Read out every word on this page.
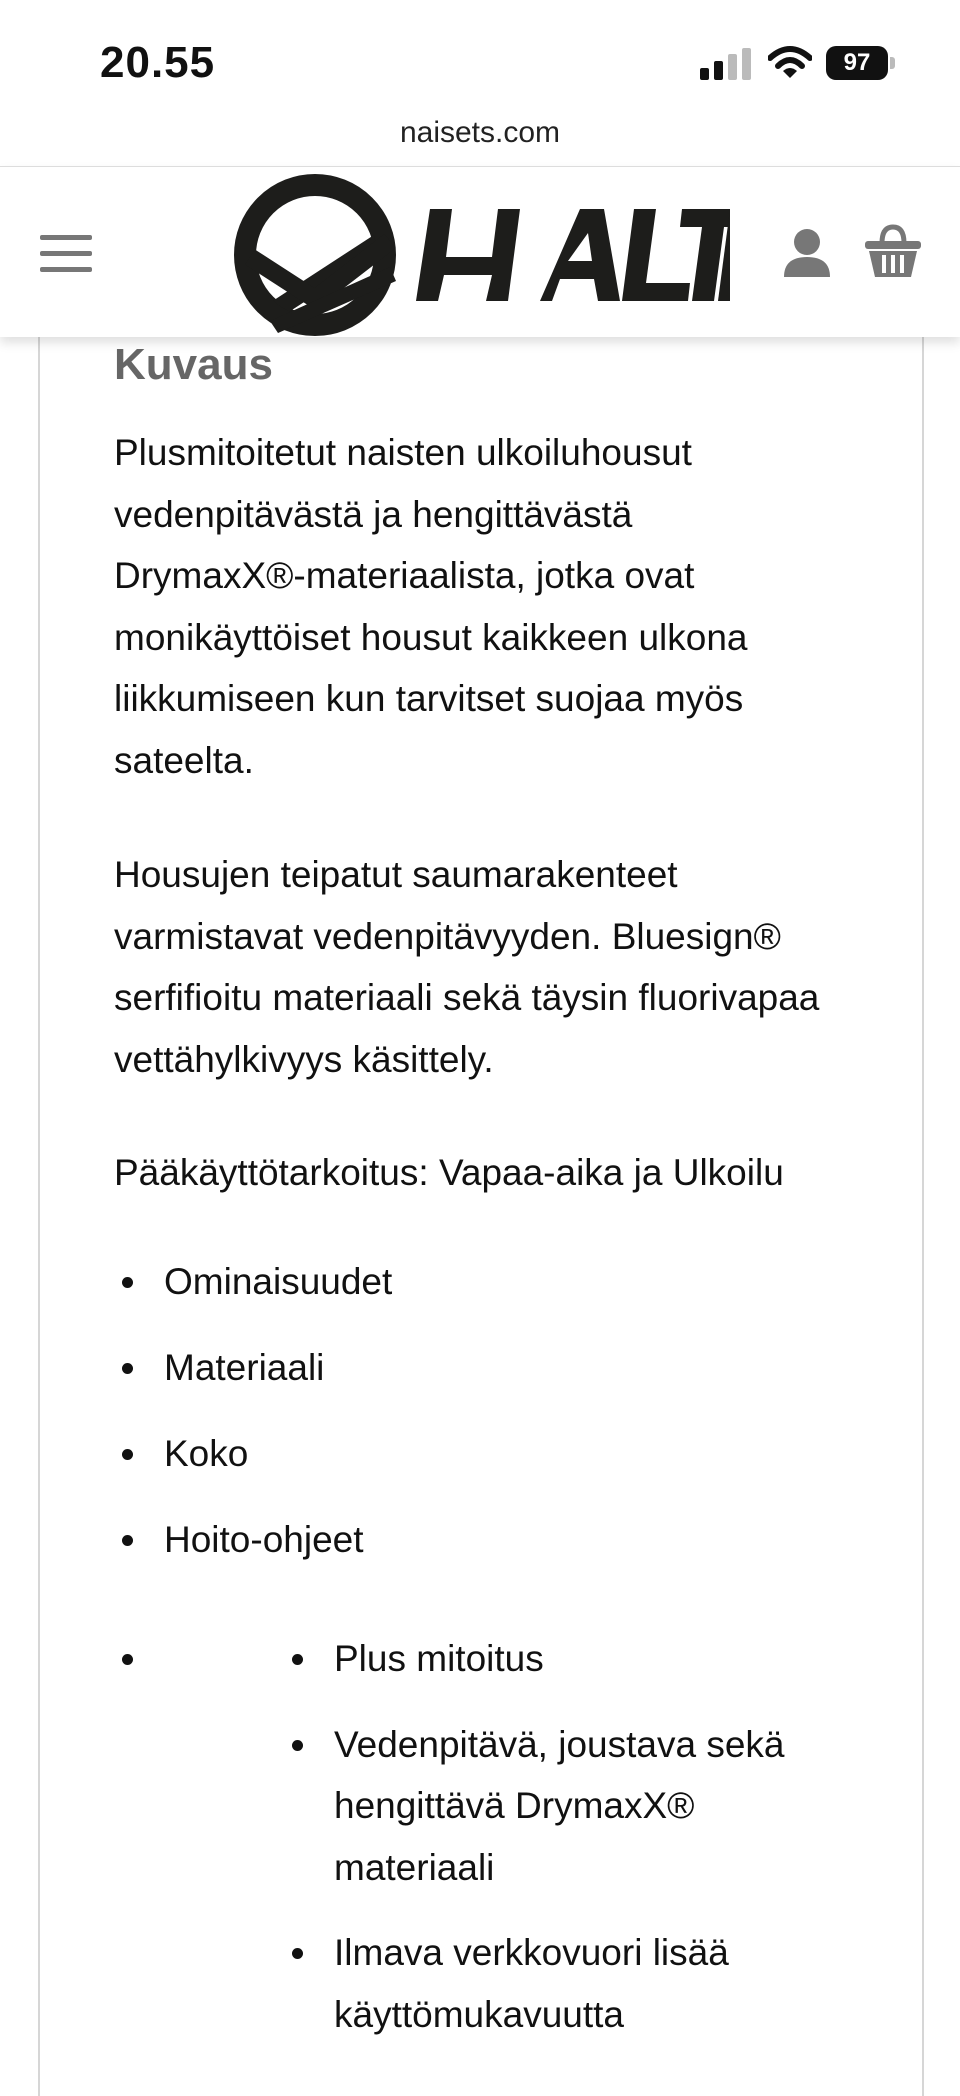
20.55	97
naisets.com
Kuvaus
Plusmitoitetut naisten ulkoiluhousut vedenpitävästä ja hengittävästä DrymaxX®-materiaalista, jotka ovat monikäyttöiset housut kaikkeen ulkona liikkumiseen kun tarvitset suojaa myös sateelta.
Housujen teipatut saumarakenteet varmistavat vedenpitävyyden. Bluesign® serfifioitu materiaali sekä täysin fluorivapaa vettähylkivyys käsittely.
Pääkäyttötarkoitus: Vapaa-aika ja Ulkoilu
Ominaisuudet
Materiaali
Koko
Hoito-ohjeet
Plus mitoitus
Vedenpitävä, joustava sekä hengittävä DrymaxX® materiaali
Ilmava verkkovuori lisää käyttömukavuutta
